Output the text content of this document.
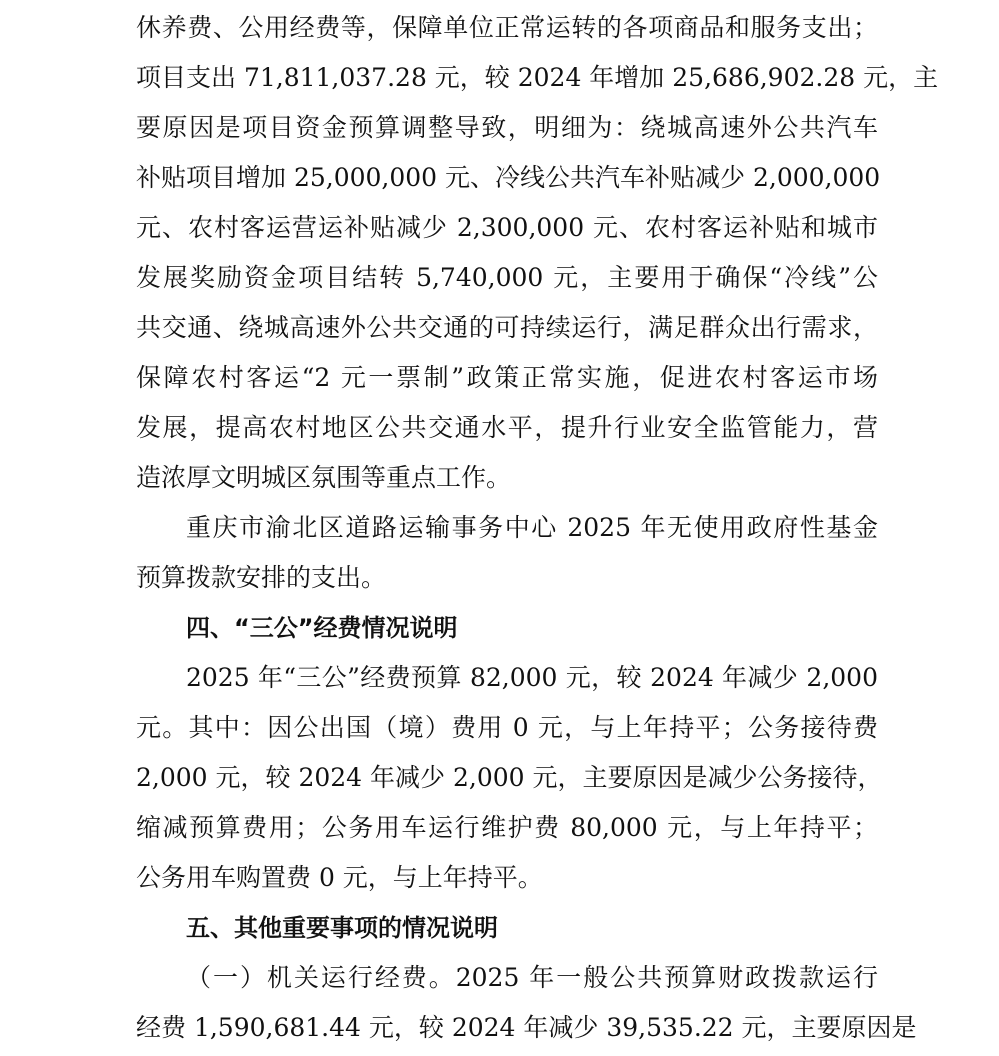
休养费、公用经费等，保障单位正常运转的各项商品和服务支出；
项目支出 71,811,037.28 元，较 2024 年增加 25,686,902.28 元，主
要原因是项目资金预算调整导致，明细为：绕城高速外公共汽车
补贴项目增加 25,000,000 元、冷线公共汽车补贴减少 2,000,000
元、农村客运营运补贴减少 2,300,000 元、农村客运补贴和城市
发展奖励资金项目结转 5,740,000 元，主要用于确保“冷线”公
共交通、绕城高速外公共交通的可持续运行，满足群众出行需求，
保障农村客运“2 元一票制”政策正常实施，促进农村客运市场
发展，提高农村地区公共交通水平，提升行业安全监管能力，营
造浓厚文明城区氛围等重点工作。
重庆市渝北区道路运输事务中心 2025 年无使用政府性基金
预算拨款安排的支出。
四、“三公”经费情况说明
2025 年“三公”经费预算 82,000 元，较 2024 年减少 2,000
元。其中：因公出国（境）费用 0 元，与上年持平；公务接待费
2,000 元，较 2024 年减少 2,000 元，主要原因是减少公务接待，
缩减预算费用；公务用车运行维护费 80,000 元，与上年持平；
公务用车购置费 0 元，与上年持平。
五、其他重要事项的情况说明
（一）机关运行经费。2025 年一般公共预算财政拨款运行
经费 1,590,681.44 元，较 2024 年减少 39,535.22 元，主要原因是
